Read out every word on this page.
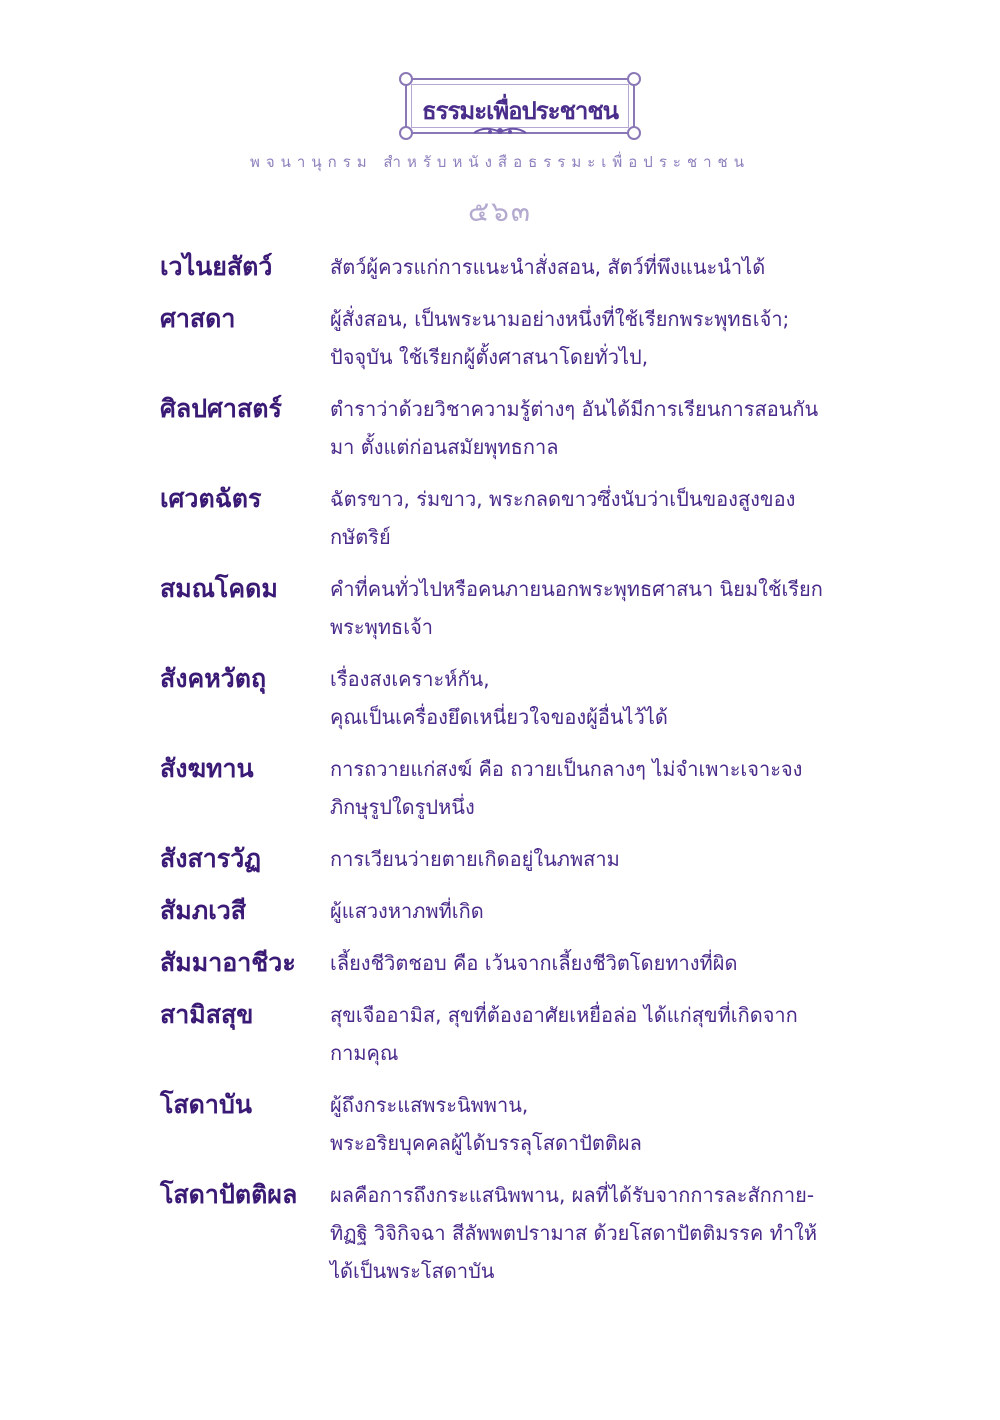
ธรรมะเพื่อประชาชน
พจนานุกรม สำหรับหนังสือธรรมะเพื่อประชาชน
๕๖๓
เวไนยสัตว์	สัตว์ผู้ควรแก่การแนะนำสั่งสอน, สัตว์ที่พึงแนะนำได้
ศาสดา	ผู้สั่งสอน, เป็นพระนามอย่างหนึ่งที่ใช้เรียกพระพุทธเจ้า;
ปัจจุบัน ใช้เรียกผู้ตั้งศาสนาโดยทั่วไป,
ศิลปศาสตร์	ตำราว่าด้วยวิชาความรู้ต่างๆ อันได้มีการเรียนการสอนกัน
มา ตั้งแต่ก่อนสมัยพุทธกาล
เศวตฉัตร	ฉัตรขาว, ร่มขาว, พระกลดขาวซึ่งนับว่าเป็นของสูงของ
กษัตริย์
สมณโคดม	คำที่คนทั่วไปหรือคนภายนอกพระพุทธศาสนา นิยมใช้เรียก
พระพุทธเจ้า
สังคหวัตถุ	เรื่องสงเคราะห์กัน,
คุณเป็นเครื่องยึดเหนี่ยวใจของผู้อื่นไว้ได้
สังฆทาน	การถวายแก่สงฆ์ คือ ถวายเป็นกลางๆ ไม่จำเพาะเจาะจง
ภิกษุรูปใดรูปหนึ่ง
สังสารวัฏ	การเวียนว่ายตายเกิดอยู่ในภพสาม
สัมภเวสี	ผู้แสวงหาภพที่เกิด
สัมมาอาชีวะ	เลี้ยงชีวิตชอบ คือ เว้นจากเลี้ยงชีวิตโดยทางที่ผิด
สามิสสุข	สุขเจืออามิส, สุขที่ต้องอาศัยเหยื่อล่อ ได้แก่สุขที่เกิดจาก
กามคุณ
โสดาบัน	ผู้ถึงกระแสพระนิพพาน,
พระอริยบุคคลผู้ได้บรรลุโสดาปัตติผล
โสดาปัตติผล	ผลคือการถึงกระแสนิพพาน, ผลที่ได้รับจากการละสักกาย-
ทิฏฐิ วิจิกิจฉา สีลัพพตปรามาส ด้วยโสดาปัตติมรรค ทำให้
ได้เป็นพระโสดาบัน
